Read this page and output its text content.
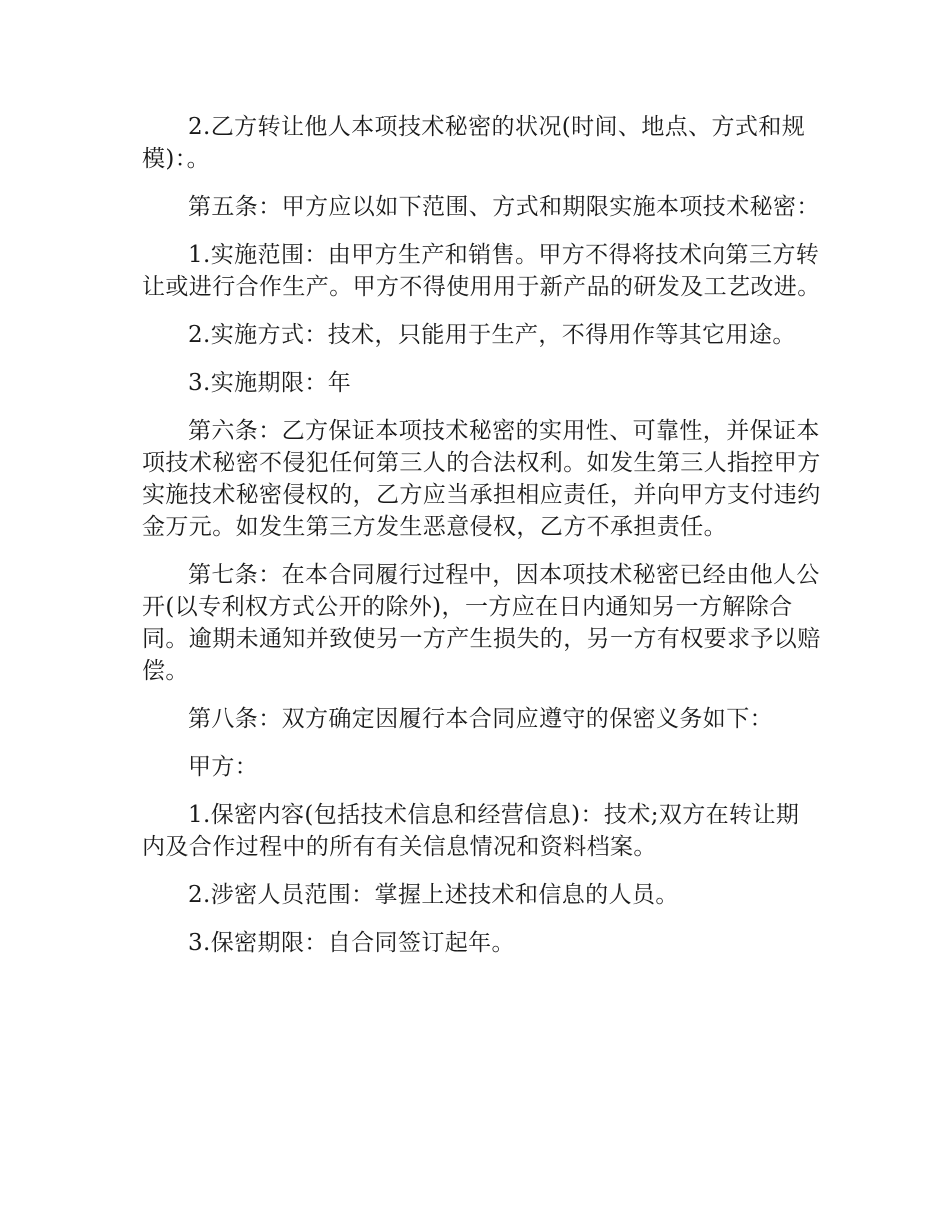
2.乙方转让他人本项技术秘密的状况(时间、地点、方式和规模)：。

第五条：甲方应以如下范围、方式和期限实施本项技术秘密：

1.实施范围：由甲方生产和销售。甲方不得将技术向第三方转让或进行合作生产。甲方不得使用用于新产品的研发及工艺改进。

2.实施方式：技术，只能用于生产，不得用作等其它用途。

3.实施期限：年

第六条：乙方保证本项技术秘密的实用性、可靠性，并保证本项技术秘密不侵犯任何第三人的合法权利。如发生第三人指控甲方实施技术秘密侵权的，乙方应当承担相应责任，并向甲方支付违约金万元。如发生第三方发生恶意侵权，乙方不承担责任。

第七条：在本合同履行过程中，因本项技术秘密已经由他人公开(以专利权方式公开的除外)，一方应在日内通知另一方解除合同。逾期未通知并致使另一方产生损失的，另一方有权要求予以赔偿。

第八条：双方确定因履行本合同应遵守的保密义务如下：

甲方：

1.保密内容(包括技术信息和经营信息)：技术;双方在转让期内及合作过程中的所有有关信息情况和资料档案。

2.涉密人员范围：掌握上述技术和信息的人员。

3.保密期限：自合同签订起年。
